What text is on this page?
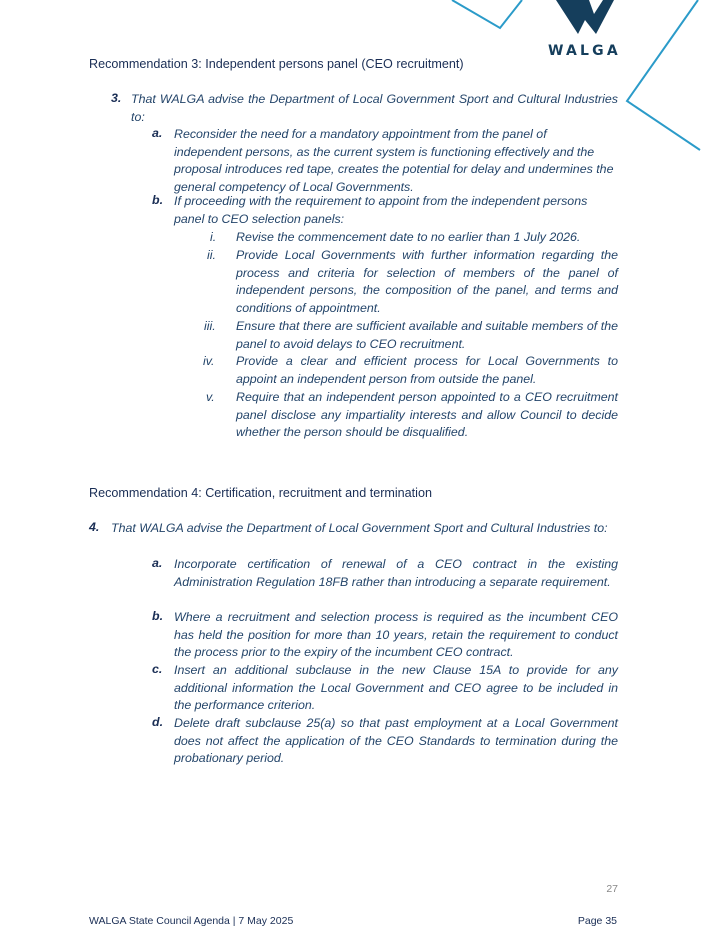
WALGA
Recommendation 3: Independent persons panel (CEO recruitment)
3. That WALGA advise the Department of Local Government Sport and Cultural Industries to:
a. Reconsider the need for a mandatory appointment from the panel of independent persons, as the current system is functioning effectively and the proposal introduces red tape, creates the potential for delay and undermines the general competency of Local Governments.
b. If proceeding with the requirement to appoint from the independent persons panel to CEO selection panels:
i. Revise the commencement date to no earlier than 1 July 2026.
ii. Provide Local Governments with further information regarding the process and criteria for selection of members of the panel of independent persons, the composition of the panel, and terms and conditions of appointment.
iii. Ensure that there are sufficient available and suitable members of the panel to avoid delays to CEO recruitment.
iv. Provide a clear and efficient process for Local Governments to appoint an independent person from outside the panel.
v. Require that an independent person appointed to a CEO recruitment panel disclose any impartiality interests and allow Council to decide whether the person should be disqualified.
Recommendation 4: Certification, recruitment and termination
4. That WALGA advise the Department of Local Government Sport and Cultural Industries to:
a. Incorporate certification of renewal of a CEO contract in the existing Administration Regulation 18FB rather than introducing a separate requirement.
b. Where a recruitment and selection process is required as the incumbent CEO has held the position for more than 10 years, retain the requirement to conduct the process prior to the expiry of the incumbent CEO contract.
c. Insert an additional subclause in the new Clause 15A to provide for any additional information the Local Government and CEO agree to be included in the performance criterion.
d. Delete draft subclause 25(a) so that past employment at a Local Government does not affect the application of the CEO Standards to termination during the probationary period.
27
WALGA State Council Agenda | 7 May 2025	Page 35
